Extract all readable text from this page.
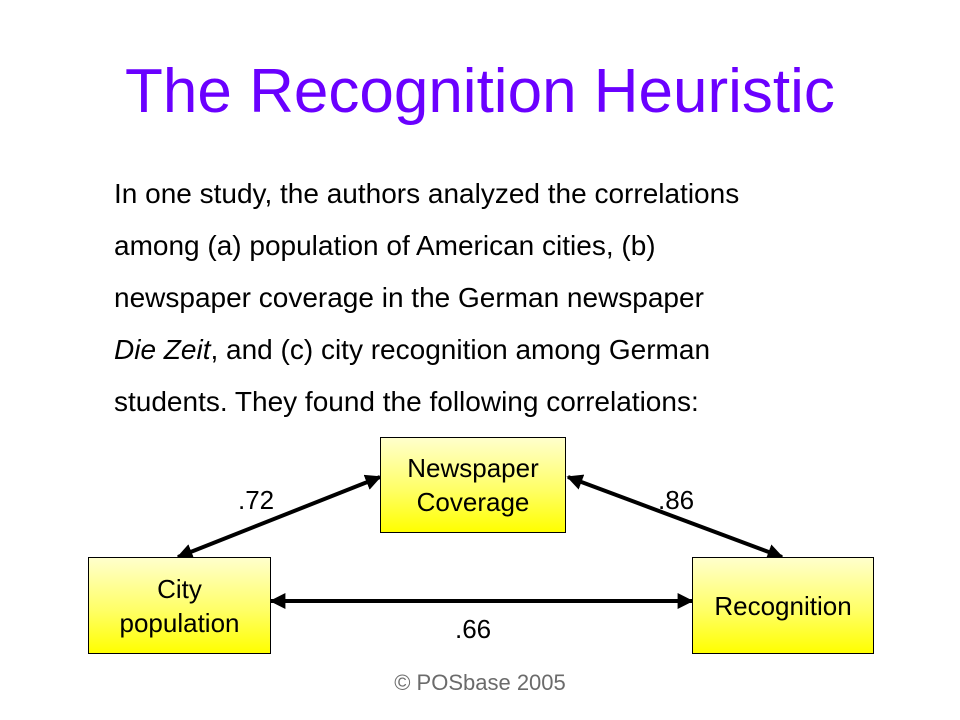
The Recognition Heuristic
In one study, the authors analyzed the correlations
among (a) population of American cities, (b)
newspaper coverage in the German newspaper
Die Zeit, and (c) city recognition among German
students. They found the following correlations:
Newspaper
Coverage
City
population
Recognition
.72	.86
.66
© POSbase 2005
